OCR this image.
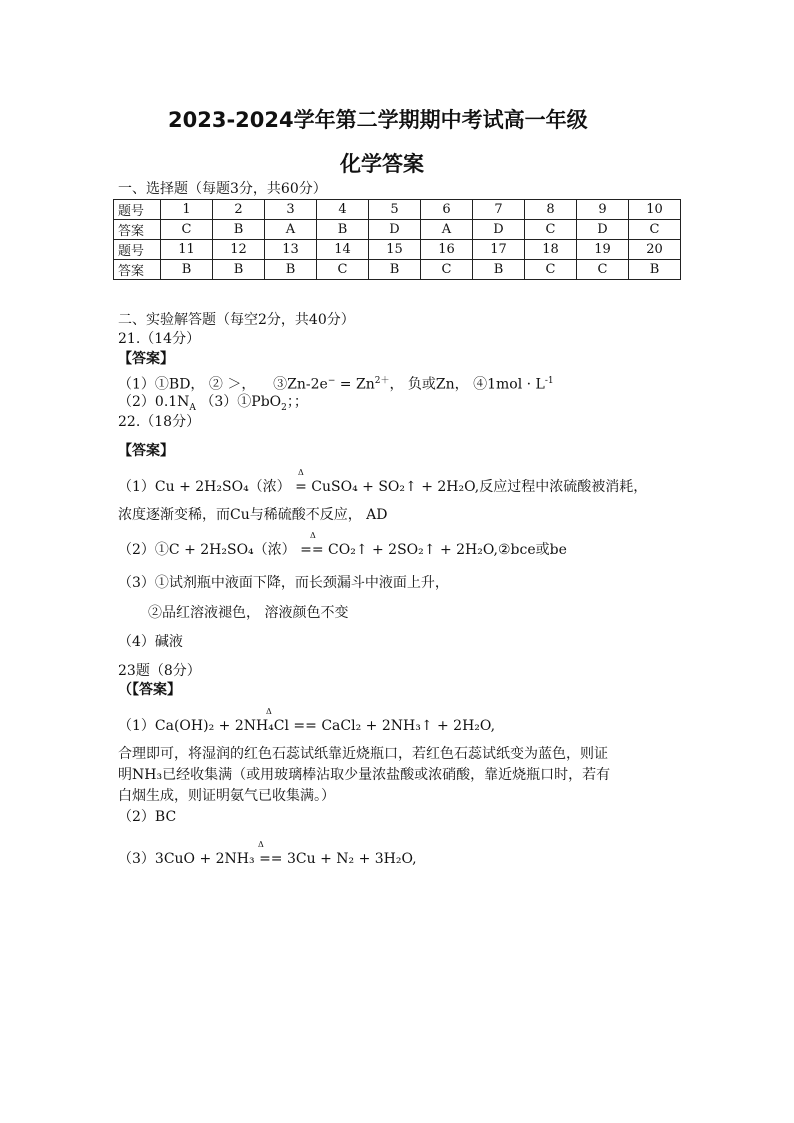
2023-2024学年第二学期期中考试高一年级
化学答案
一、选择题（每题3分，共60分）
题号	1	2	3	4	5	6	7	8	9	10
答案	C	B	A	B	D	A	D	C	D	C
题号	11	12	13	14	15	16	17	18	19	20
答案	B	B	B	C	B	C	B	C	C	B
二、实验解答题（每空2分，共40分）
21.（14分）
【答案】
（1）①BD， ② ＞， ③Zn-2e− = $Zn^{2+}$， 负或Zn， ④1mol · $L^{-1}$
$(2)0.1N_A$ （3）①PbO$_2$；；
22.（18分）
【答案】
Δ
（1）Cu + 2H₂SO₄（浓） = CuSO₄ + SO₂↑ + 2H₂O,反应过程中浓硫酸被消耗，
浓度逐渐变稀，而Cu与稀硫酸不反应， AD
Δ
（2）①C + 2H₂SO₄（浓） == CO₂↑ + 2SO₂↑ + 2H₂O,②bce或be
（3）①试剂瓶中液面下降，而长颈漏斗中液面上升，
②品红溶液褪色， 溶液颜色不变
（4）碱液
23题（8分）
（【答案】
Δ
（1）Ca(OH)₂ + 2NH₄Cl == CaCl₂ + 2NH₃↑ + 2H₂O,
合理即可，将湿润的红色石蕊试纸靠近烧瓶口，若红色石蕊试纸变为蓝色，则证
明NH₃已经收集满（或用玻璃棒沾取少量浓盐酸或浓硝酸，靠近烧瓶口时，若有
白烟生成，则证明氨气已收集满。）
（2）BC
Δ
（3）3CuO + 2NH₃ == 3Cu + N₂ + 3H₂O,
